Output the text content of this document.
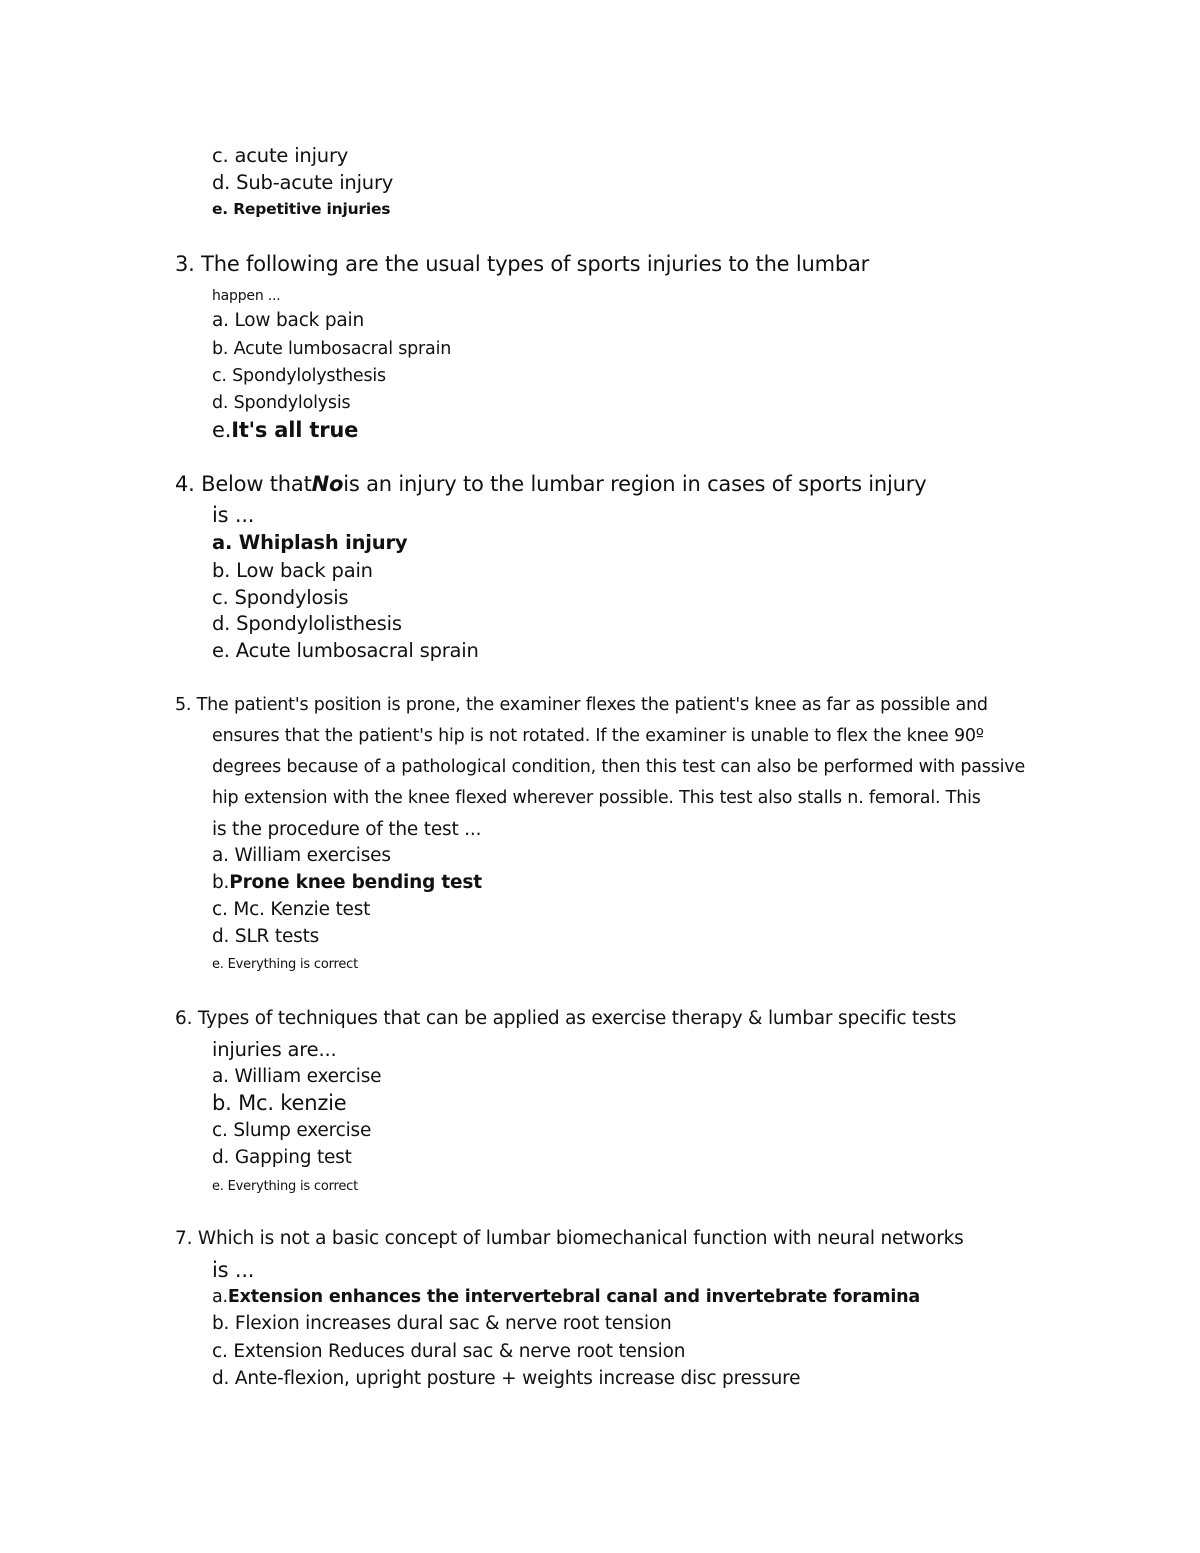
c. acute injury
d. Sub-acute injury
e. Repetitive injuries
3. The following are the usual types of sports injuries to the lumbar
happen ...
a. Low back pain
b. Acute lumbosacral sprain
c. Spondylolysthesis
d. Spondylolysis
e.It's all true
4. Below thatNois an injury to the lumbar region in cases of sports injury
is ...
a. Whiplash injury
b. Low back pain
c. Spondylosis
d. Spondylolisthesis
e. Acute lumbosacral sprain
5. The patient's position is prone, the examiner flexes the patient's knee as far as possible and
ensures that the patient's hip is not rotated. If the examiner is unable to flex the knee 90º
degrees because of a pathological condition, then this test can also be performed with passive
hip extension with the knee flexed wherever possible. This test also stalls n. femoral. This
is the procedure of the test ...
a. William exercises
b.Prone knee bending test
c. Mc. Kenzie test
d. SLR tests
e. Everything is correct
6. Types of techniques that can be applied as exercise therapy & lumbar specific tests
injuries are...
a. William exercise
b. Mc. kenzie
c. Slump exercise
d. Gapping test
e. Everything is correct
7. Which is not a basic concept of lumbar biomechanical function with neural networks
is ...
a.Extension enhances the intervertebral canal and invertebrate foramina
b. Flexion increases dural sac & nerve root tension
c. Extension Reduces dural sac & nerve root tension
d. Ante-flexion, upright posture + weights increase disc pressure
